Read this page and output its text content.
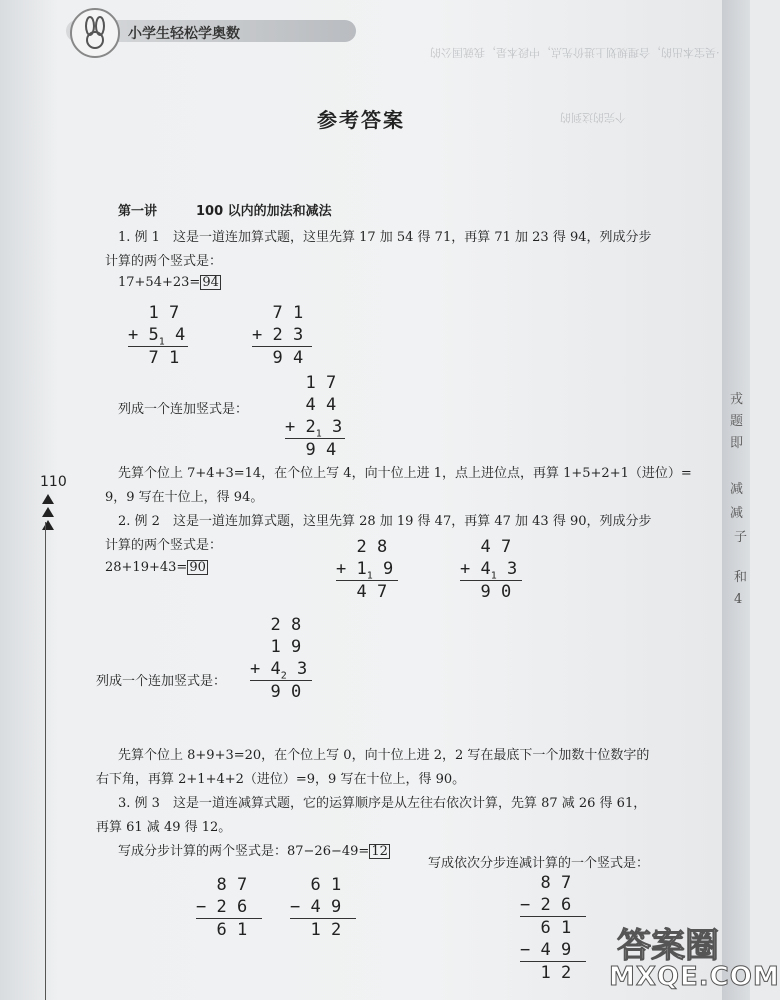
戎
题
即
减
减
子
和
4
小学生轻松学奥数
·吴宝本出的，合理规划上进价先点，中段本是，我就国公的
个完的这到的
参考答案
第一讲	100 以内的加法和减法
1. 例 1　这是一道连加算式题，这里先算 17 加 54 得 71，再算 71 加 23 得 94，列成分步
计算的两个竖式是：
17+54+23= 94
1 7
+ $5_1$ 4
7 1
7 1
+ 2 3
9 4
列成一个连加竖式是：
1 7
4 4
+ $2_1$ 3
9 4
先算个位上 7+4+3=14，在个位上写 4，向十位上进 1，点上进位点，再算 1+5+2+1（进位）=
9，9 写在十位上，得 94。
2. 例 2　这是一道连加算式题，这里先算 28 加 19 得 47，再算 47 加 43 得 90，列成分步
计算的两个竖式是：
28+19+43= 90
2 8
+ $1_1$ 9
4 7
4 7
+ $4_1$ 3
9 0
110
列成一个连加竖式是：
2 8
1 9
+ $4_2$ 3
9 0
先算个位上 8+9+3=20，在个位上写 0，向十位上进 2，2 写在最底下一个加数十位数字的
右下角，再算 2+1+4+2（进位）=9，9 写在十位上，得 90。
3. 例 3　这是一道连减算式题，它的运算顺序是从左往右依次计算，先算 87 减 26 得 61，
再算 61 减 49 得 12。
写成分步计算的两个竖式是：87−26−49= 12
写成依次分步连减计算的一个竖式是：
8 7
− 2 6
6 1
6 1
− 4 9
1 2
8 7
− 2 6
6 1
− 4 9
1 2
答案圈
MXQE.COM
